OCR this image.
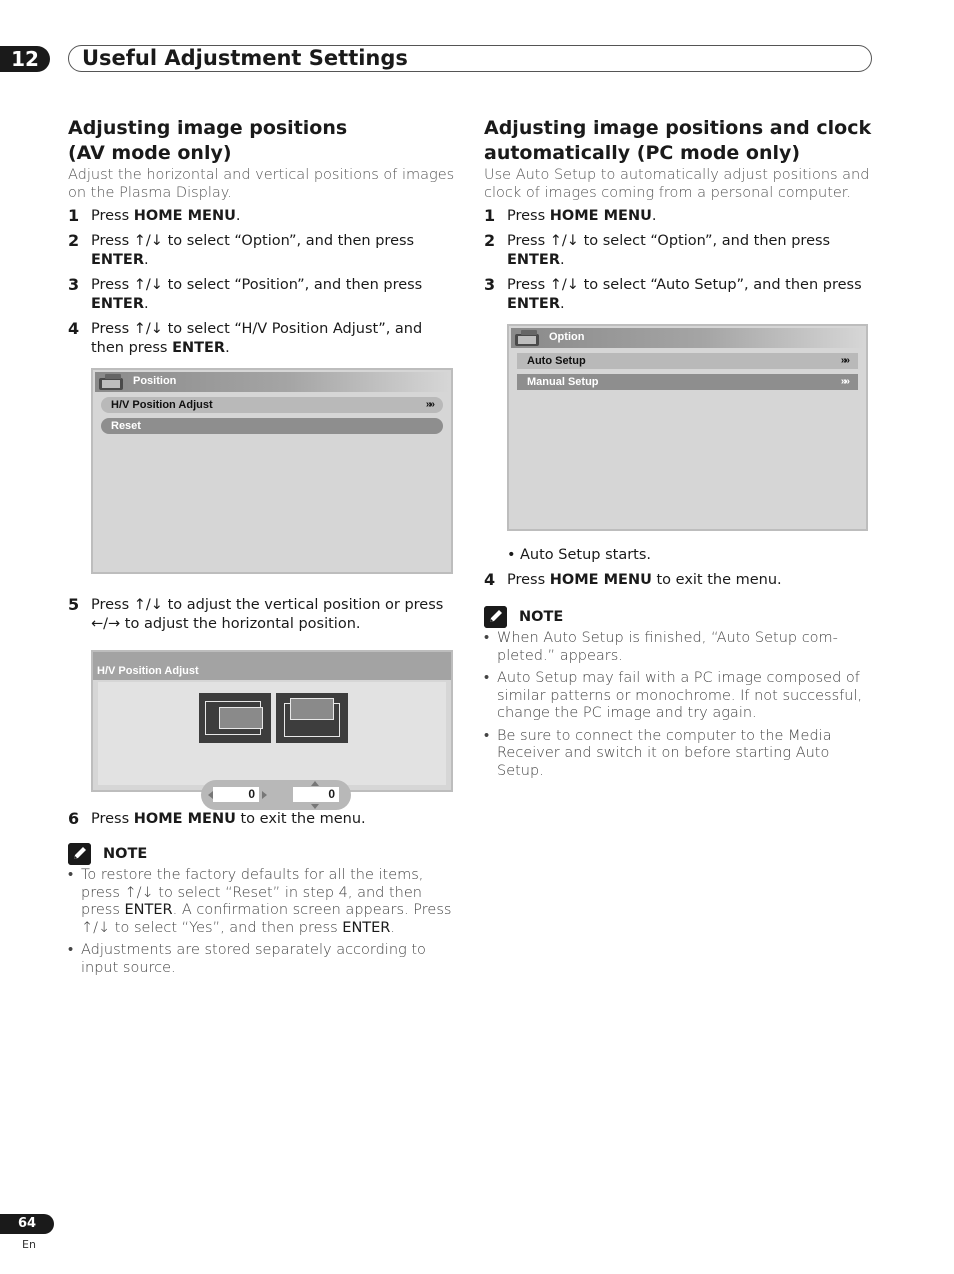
12	Useful Adjustment Settings
Adjusting image positions
(AV mode only)

Adjust the horizontal and vertical positions of images on the Plasma Display.

1 Press HOME MENU.
2 Press ↑/↓ to select “Option”, and then press ENTER.
3 Press ↑/↓ to select “Position”, and then press ENTER.
4 Press ↑/↓ to select “H/V Position Adjust”, and then press ENTER.
Position
H/V Position Adjust	»»
Reset
5 Press ↑/↓ to adjust the vertical position or press ←/→ to adjust the horizontal position.
H/V Position Adjust
0	0
6 Press HOME MENU to exit the menu.
NOTE
• To restore the factory defaults for all the items, press ↑/↓ to select “Reset” in step 4, and then press ENTER. A confirmation screen appears. Press ↑/↓ to select “Yes”, and then press ENTER.
• Adjustments are stored separately according to input source.
Adjusting image positions and clock
automatically (PC mode only)

Use Auto Setup to automatically adjust positions and clock of images coming from a personal computer.

1 Press HOME MENU.
2 Press ↑/↓ to select “Option”, and then press ENTER.
3 Press ↑/↓ to select “Auto Setup”, and then press ENTER.
Option
Auto Setup	»»
Manual Setup	»»
• Auto Setup starts.
4 Press HOME MENU to exit the menu.
NOTE
• When Auto Setup is finished, “Auto Setup com-pleted.” appears.
• Auto Setup may fail with a PC image composed of similar patterns or monochrome. If not successful, change the PC image and try again.
• Be sure to connect the computer to the Media Receiver and switch it on before starting Auto Setup.
64
En
